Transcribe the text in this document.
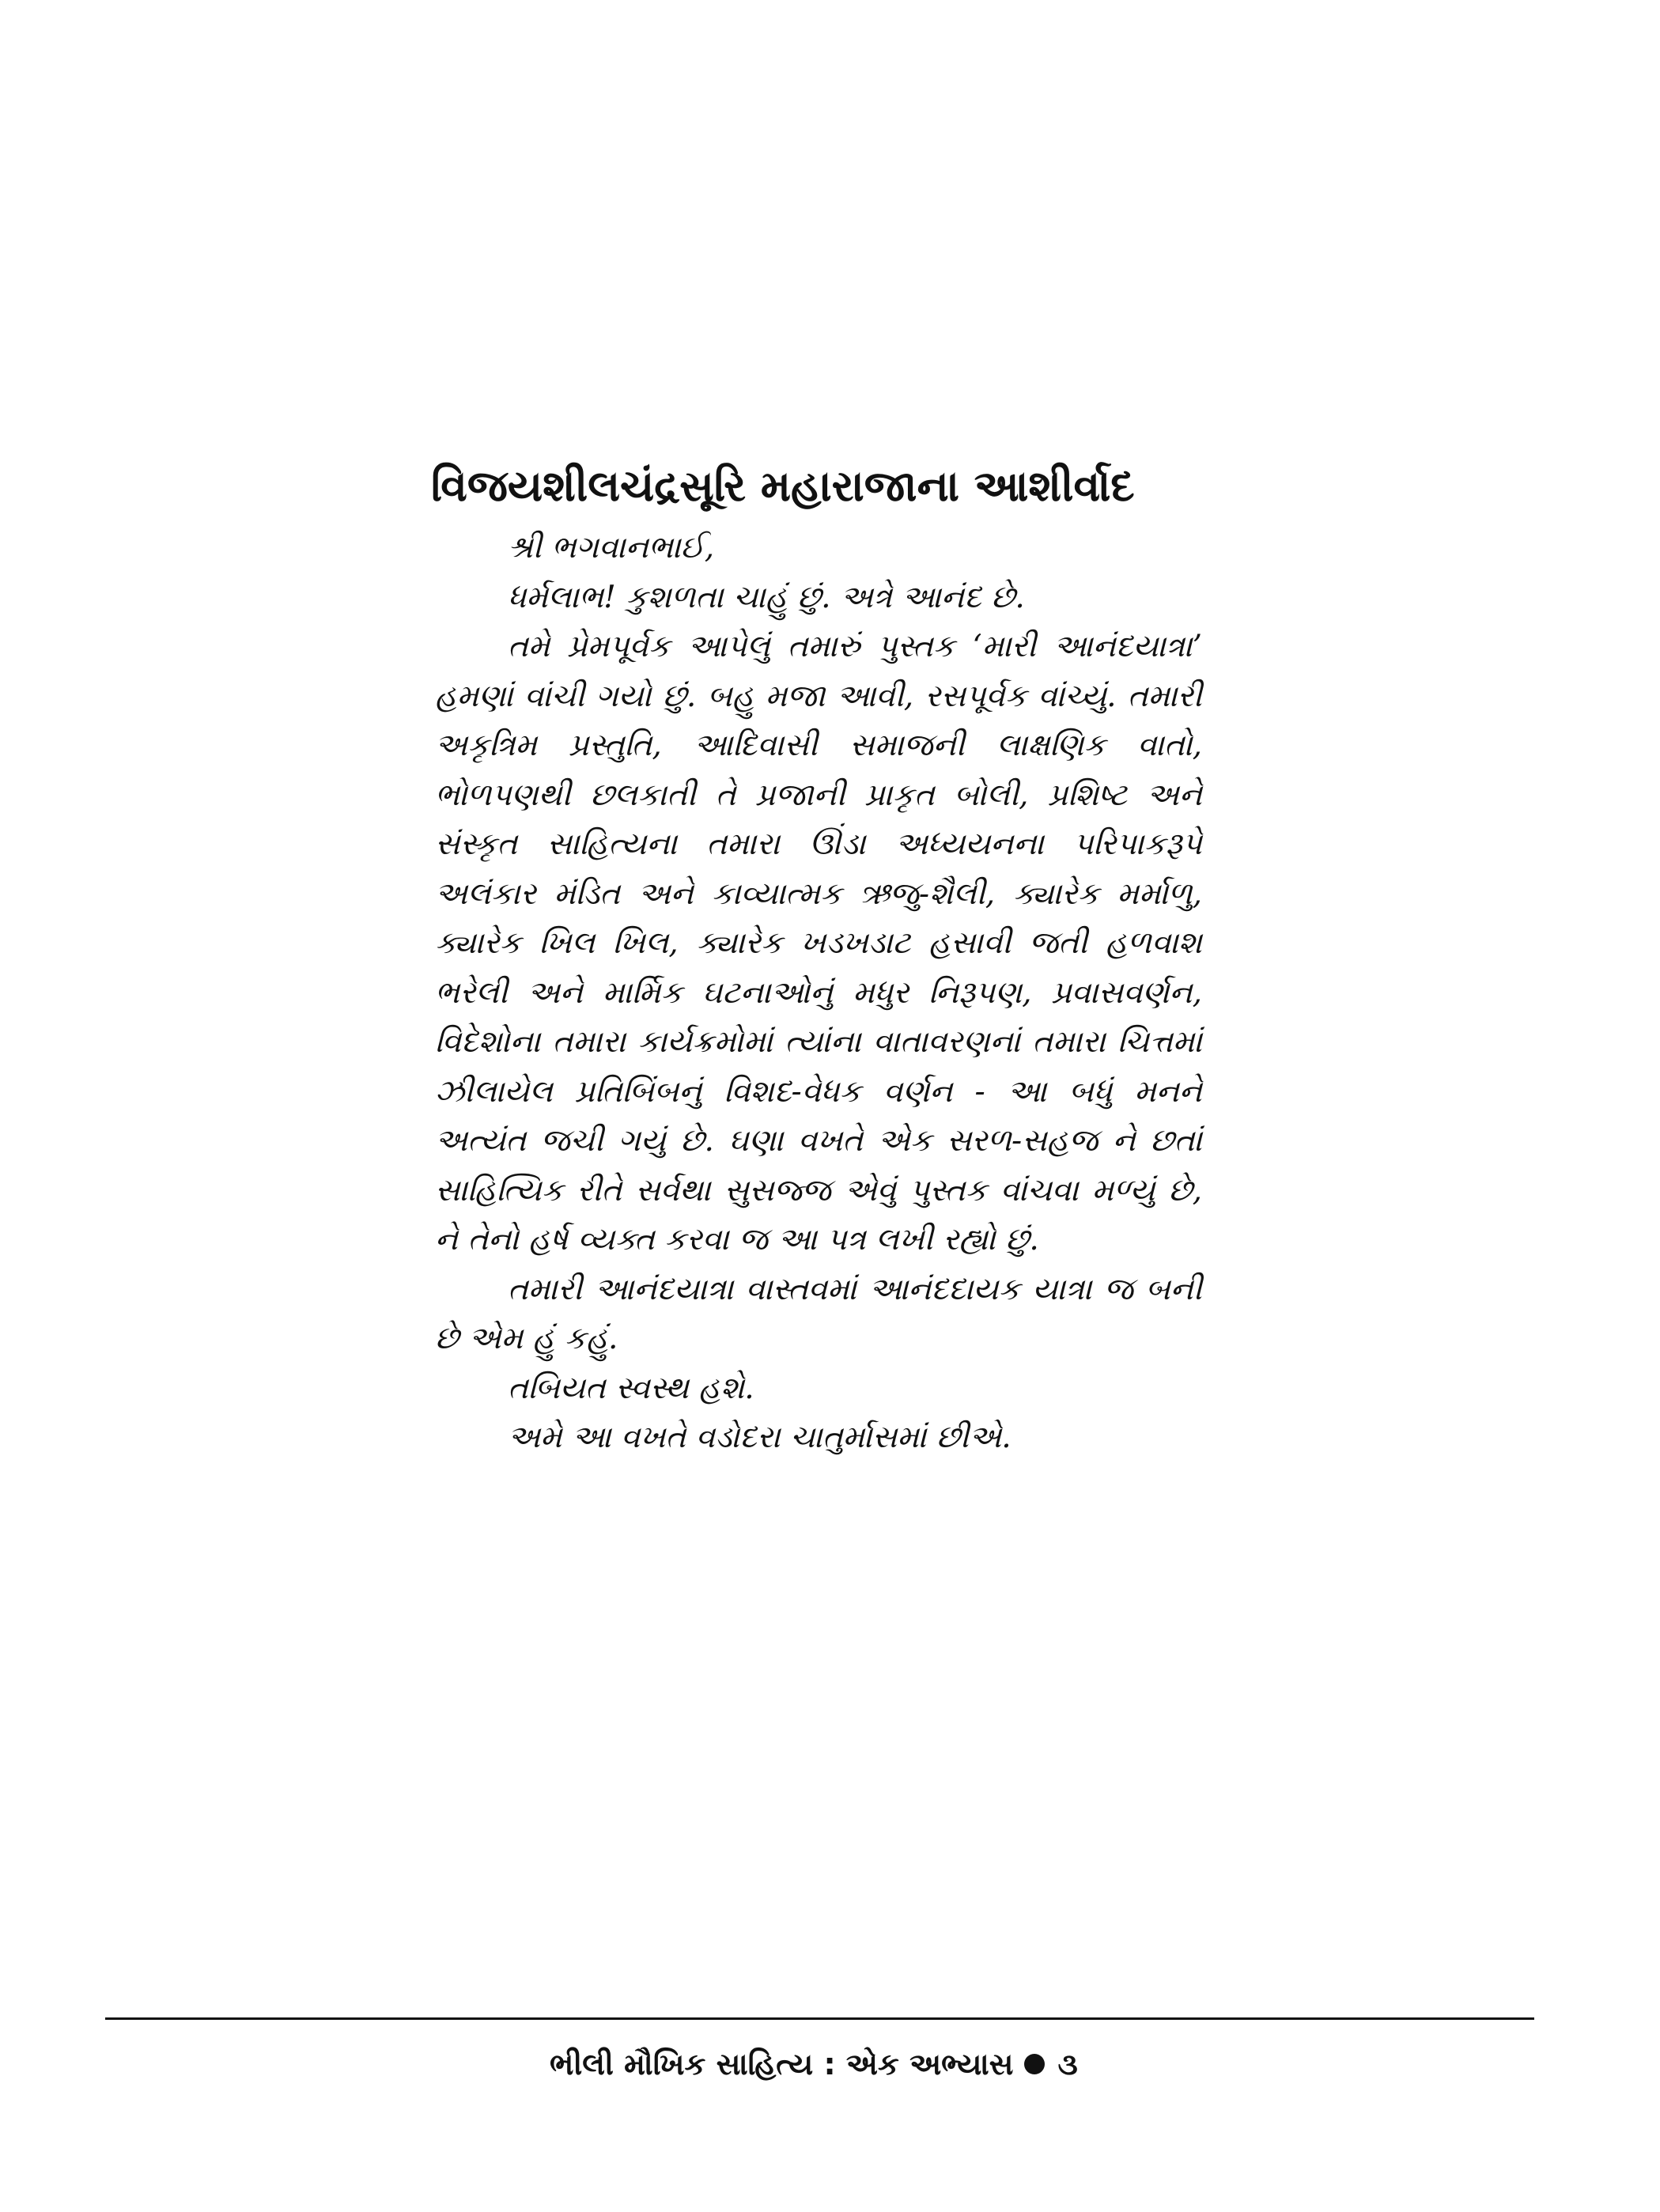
વિજયશીલચંદ્રસૂરિ મહારાજાના આશીર્વાદ

શ્રી ભગવાનભાઈ,

ધર્મલાભ! કુશળતા ચાહું છું. અત્રે આનંદ છે.

તમે પ્રેમપૂર્વક આપેલું તમારું પુસ્તક ‘મારી આનંદયાત્રા’ હમણાં વાંચી ગયો છું. બહુ મજા આવી, રસપૂર્વક વાંચ્યું. તમારી અકૃત્રિમ પ્રસ્તુતિ, આદિવાસી સમાજની લાક્ષણિક વાતો, ભોળપણથી છલકાતી તે પ્રજાની પ્રાકૃત બોલી, પ્રશિષ્ટ અને સંસ્કૃત સાહિત્યના તમારા ઊંડા અધ્યયનના પરિપાકરૂપે અલંકાર મંડિત અને કાવ્યાત્મક ઋજુ-શૈલી, ક્યારેક મર્માળુ, ક્યારેક ખિલ ખિલ, ક્યારેક ખડખડાટ હસાવી જતી હળવાશ ભરેલી અને માર્મિક ઘટનાઓનું મધુર નિરૂપણ, પ્રવાસવર્ણન, વિદેશોના તમારા કાર્યક્રમોમાં ત્યાંના વાતાવરણનાં તમારા ચિત્તમાં ઝીલાયેલ પ્રતિબિંબનું વિશદ-વેધક વર્ણન - આ બધું મનને અત્યંત જચી ગયું છે. ઘણા વખતે એક સરળ-સહજ ને છતાં સાહિત્યિક રીતે સર્વથા સુસજ્જ એવું પુસ્તક વાંચવા મળ્યું છે, ને તેનો હર્ષ વ્યક્ત કરવા જ આ પત્ર લખી રહ્યો છું.

તમારી આનંદયાત્રા વાસ્તવમાં આનંદદાયક યાત્રા જ બની છે એમ હું કહું.

તબિયત સ્વસ્થ હશે.

અમે આ વખતે વડોદરા ચાતુર્માસમાં છીએ.

ભીલી મૌખિક સાહિત્ય : એક અભ્યાસ ૩
